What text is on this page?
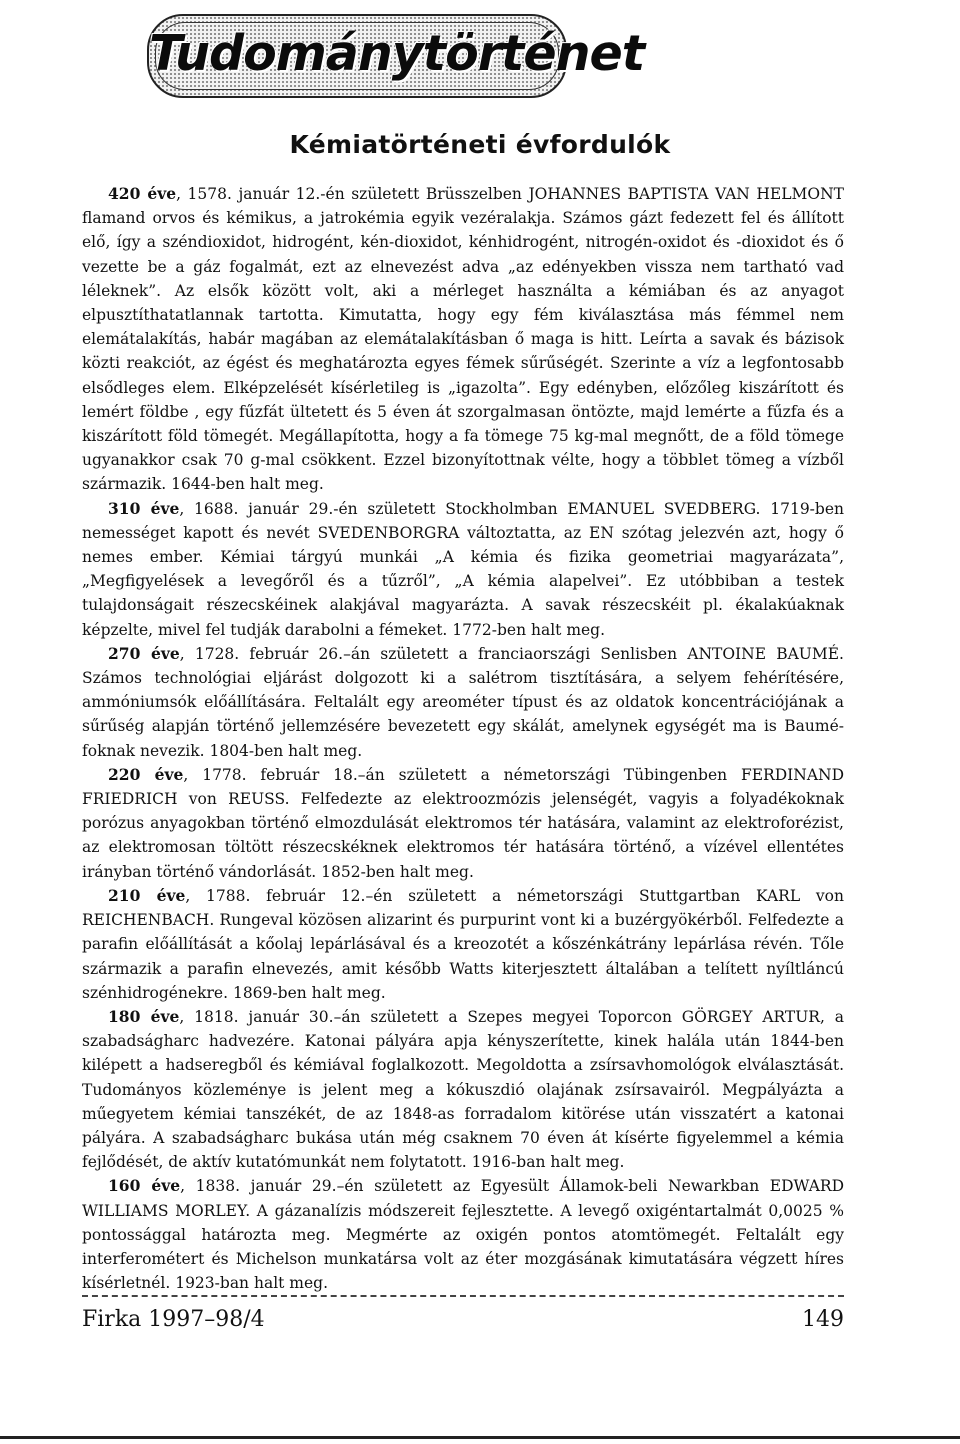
Tudománytörténet
Kémiatörténeti évfordulók

420 éve, 1578. január 12.-én született Brüsszelben JOHANNES BAPTISTA VAN HELMONT flamand orvos és kémikus, a jatrokémia egyik vezéralakja. Számos gázt fedezett fel és állított elő, így a széndioxidot, hidrogént, kén-dioxidot, kénhidrogént, nitrogén-oxidot és -dioxidot és ő vezette be a gáz fogalmát, ezt az elnevezést adva „az edényekben vissza nem tartható vad léleknek”. Az elsők között volt, aki a mérleget használta a kémiában és az anyagot elpusztíthatatlannak tartotta. Kimutatta, hogy egy fém kiválasztása más fémmel nem elemátalakítás, habár magában az elemátalakításban ő maga is hitt. Leírta a savak és bázisok közti reakciót, az égést és meghatározta egyes fémek sűrűségét. Szerinte a víz a legfontosabb elsődleges elem. Elképzelését kísérletileg is „igazolta”. Egy edényben, előzőleg kiszárított és lemért földbe , egy fűzfát ültetett és 5 éven át szorgalmasan öntözte, majd lemérte a fűzfa és a kiszárított föld tömegét. Megállapította, hogy a fa tömege 75 kg-mal megnőtt, de a föld tömege ugyanakkor csak 70 g-mal csökkent. Ezzel bizonyítottnak vélte, hogy a többlet tömeg a vízből származik. 1644-ben halt meg.

310 éve, 1688. január 29.-én született Stockholmban EMANUEL SVEDBERG. 1719-ben nemességet kapott és nevét SVEDENBORGRA változtatta, az EN szótag jelezvén azt, hogy ő nemes ember. Kémiai tárgyú munkái „A kémia és fizika geometriai magyarázata”, „Megfigyelések a levegőről és a tűzről”, „A kémia alapelvei”. Ez utóbbiban a testek tulajdonságait részecskéinek alakjával magyarázta. A savak részecskéit pl. ékalakúaknak képzelte, mivel fel tudják darabolni a fémeket. 1772-ben halt meg.

270 éve, 1728. február 26.–án született a franciaországi Senlisben ANTOINE BAUMÉ. Számos technológiai eljárást dolgozott ki a salétrom tisztítására, a selyem fehérítésére, ammóniumsók előállítására. Feltalált egy areométer típust és az oldatok koncentrációjának a sűrűség alapján történő jellemzésére bevezetett egy skálát, amelynek egységét ma is Baumé-foknak nevezik. 1804-ben halt meg.

220 éve, 1778. február 18.–án született a németországi Tübingenben FERDINAND FRIEDRICH von REUSS. Felfedezte az elektroozmózis jelenségét, vagyis a folyadékoknak porózus anyagokban történő elmozdulását elektromos tér hatására, valamint az elektroforézist, az elektromosan töltött részecskéknek elektromos tér hatására történő, a vízével ellentétes irányban történő vándorlását. 1852-ben halt meg.

210 éve, 1788. február 12.–én született a németországi Stuttgartban KARL von REICHENBACH. Rungeval közösen alizarint és purpurint vont ki a buzérgyökérből. Felfedezte a parafin előállítását a kőolaj lepárlásával és a kreozotét a kőszénkátrány lepárlása révén. Tőle származik a parafin elnevezés, amit később Watts kiterjesztett általában a telített nyíltláncú szénhidrogénekre. 1869-ben halt meg.

180 éve, 1818. január 30.–án született a Szepes megyei Toporcon GÖRGEY ARTUR, a szabadságharc hadvezére. Katonai pályára apja kényszerítette, kinek halála után 1844-ben kilépett a hadseregből és kémiával foglalkozott. Megoldotta a zsírsavhomológok elválasztását. Tudományos közleménye is jelent meg a kókuszdió olajának zsírsavairól. Megpályázta a műegyetem kémiai tanszékét, de az 1848-as forradalom kitörése után visszatért a katonai pályára. A szabadságharc bukása után még csaknem 70 éven át kísérte figyelemmel a kémia fejlődését, de aktív kutatómunkát nem folytatott. 1916-ban halt meg.

160 éve, 1838. január 29.–én született az Egyesült Államok-beli Newarkban EDWARD WILLIAMS MORLEY. A gázanalízis módszereit fejlesztette. A levegő oxigéntartalmát 0,0025 % pontossággal határozta meg. Megmérte az oxigén pontos atomtömegét. Feltalált egy interferométert és Michelson munkatársa volt az éter mozgásának kimutatására végzett híres kísérletnél. 1923-ban halt meg.

Firka 1997–98/4	149
